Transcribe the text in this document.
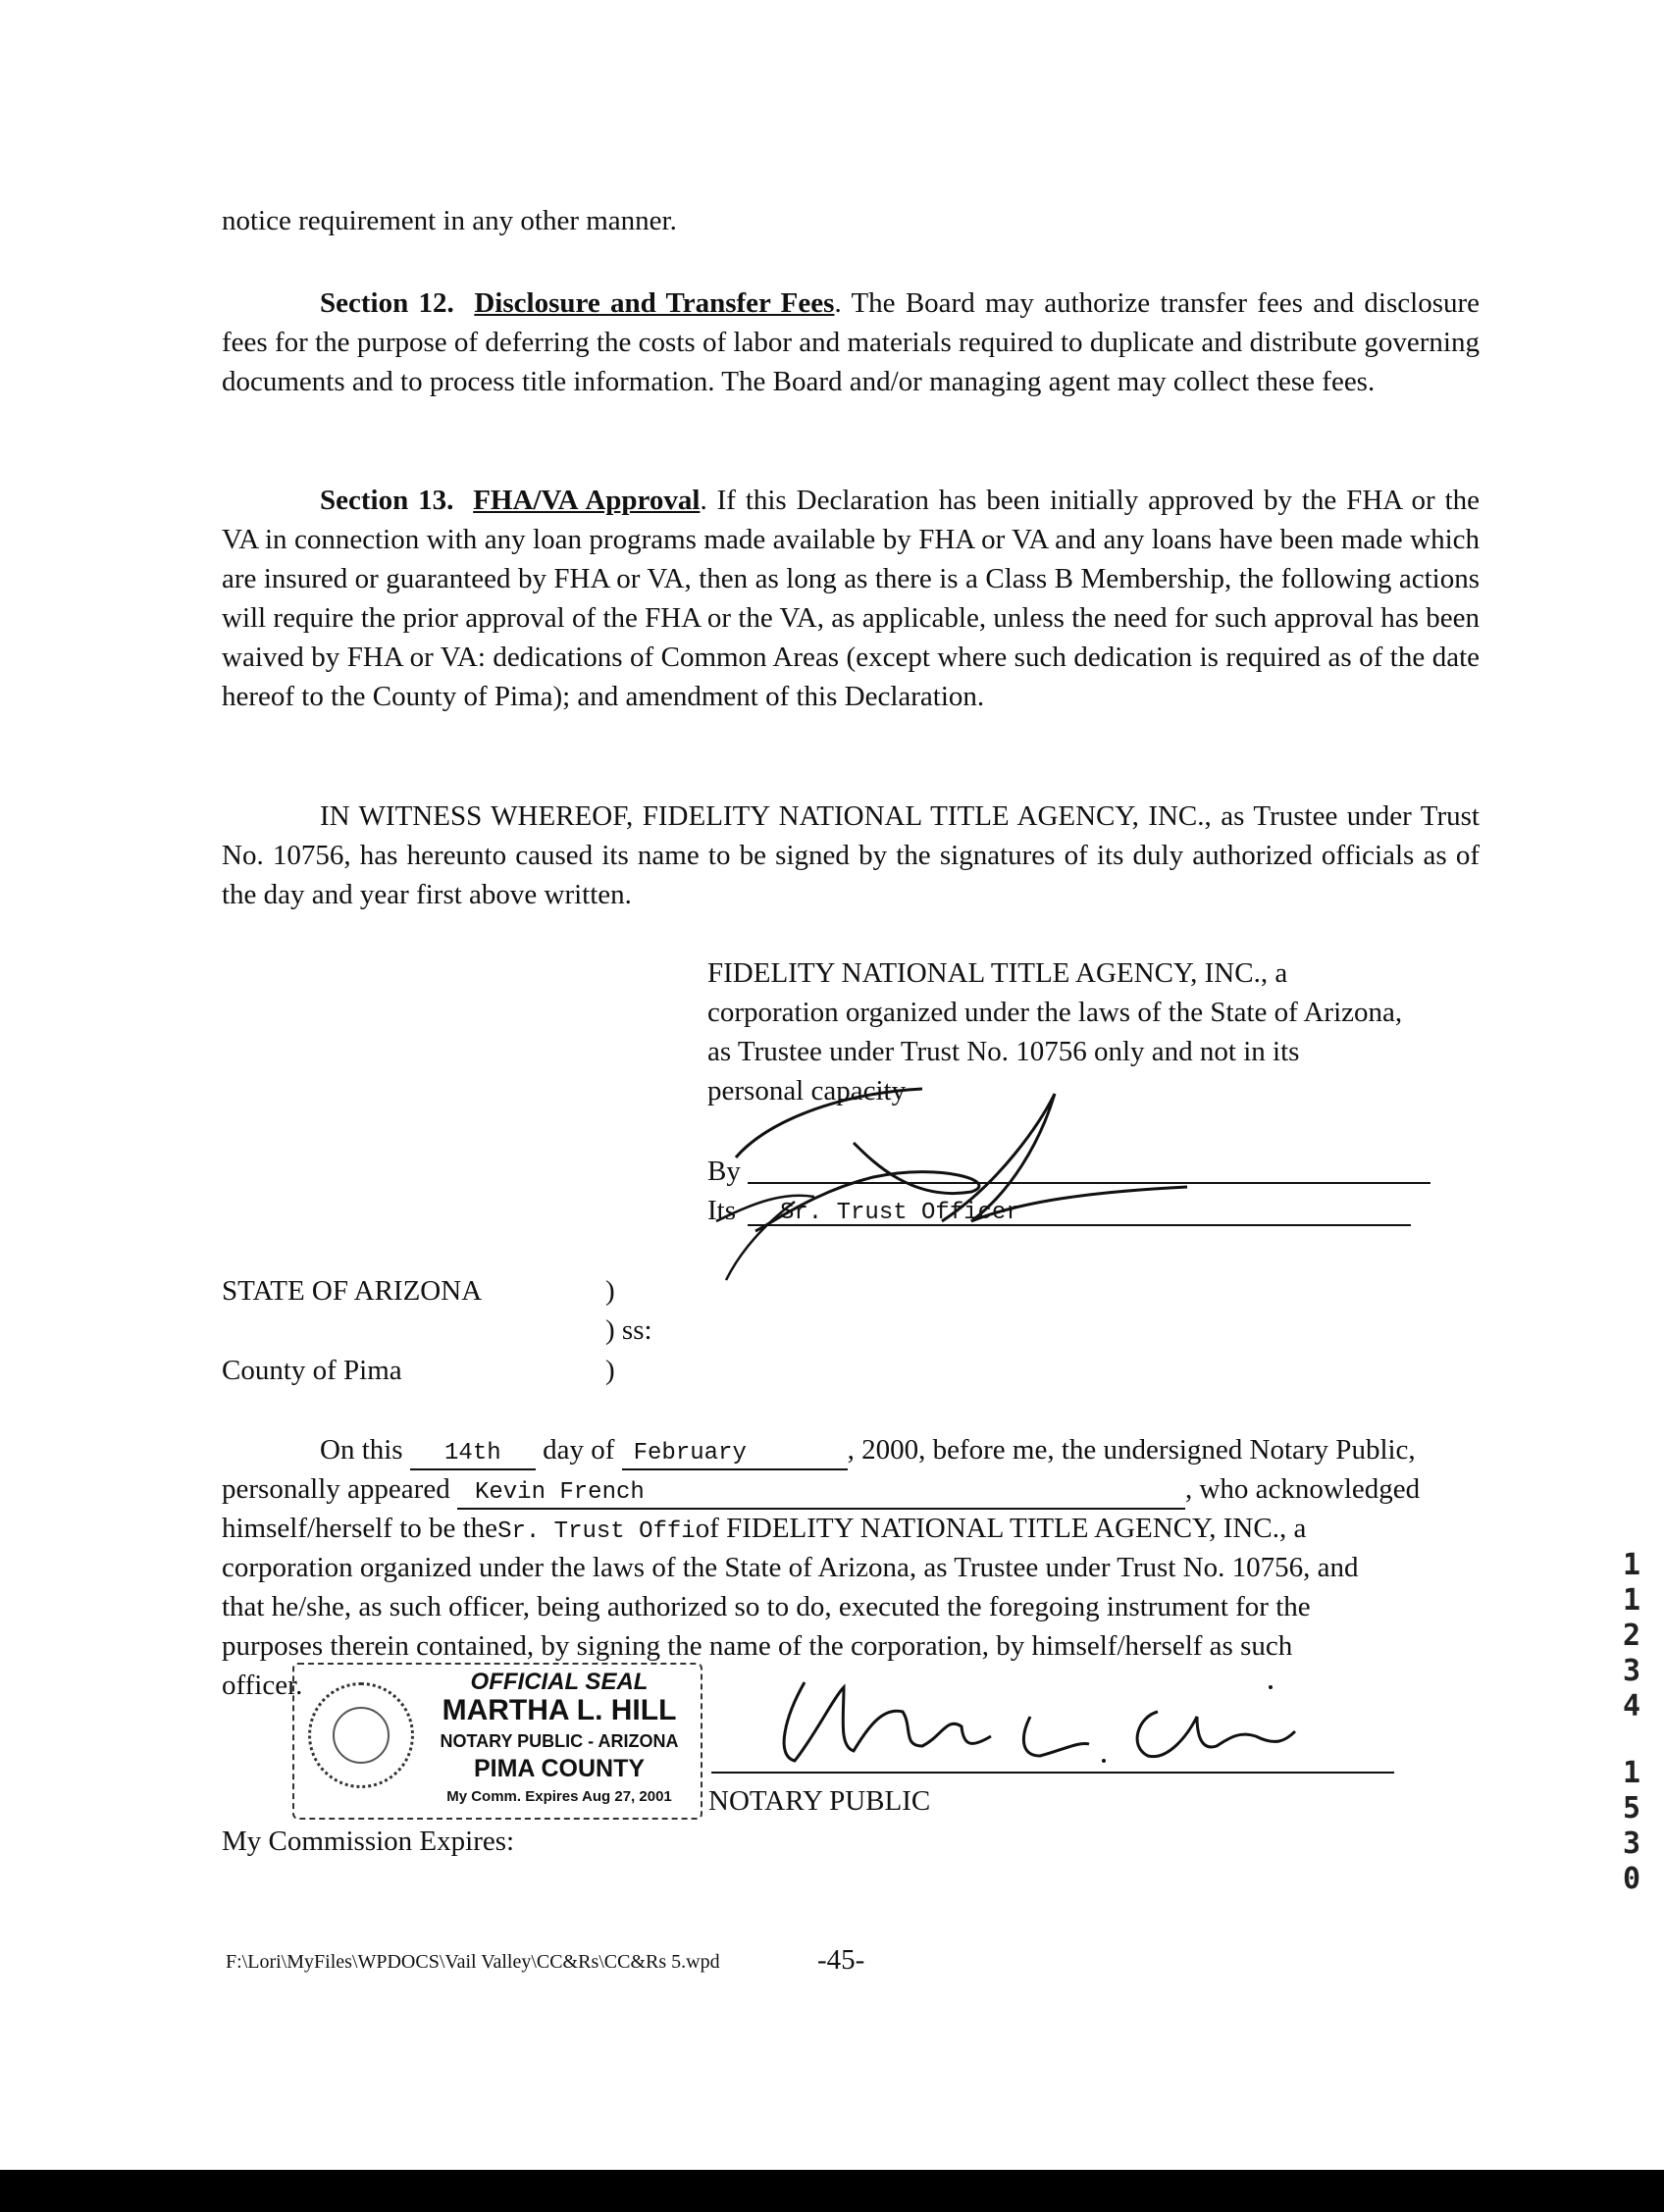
notice requirement in any other manner.

Section 12. Disclosure and Transfer Fees. The Board may authorize transfer fees and disclosure fees for the purpose of deferring the costs of labor and materials required to duplicate and distribute governing documents and to process title information. The Board and/or managing agent may collect these fees.

Section 13. FHA/VA Approval. If this Declaration has been initially approved by the FHA or the VA in connection with any loan programs made available by FHA or VA and any loans have been made which are insured or guaranteed by FHA or VA, then as long as there is a Class B Membership, the following actions will require the prior approval of the FHA or the VA, as applicable, unless the need for such approval has been waived by FHA or VA: dedications of Common Areas (except where such dedication is required as of the date hereof to the County of Pima); and amendment of this Declaration.

IN WITNESS WHEREOF, FIDELITY NATIONAL TITLE AGENCY, INC., as Trustee under Trust No. 10756, has hereunto caused its name to be signed by the signatures of its duly authorized officials as of the day and year first above written.

FIDELITY NATIONAL TITLE AGENCY, INC., a
corporation organized under the laws of the State of Arizona,
as Trustee under Trust No. 10756 only and not in its
personal capacity
By
Its Sr. Trust Officer
STATE OF ARIZONA	)
) ss:
County of Pima	)
On this 14th day of February	, 2000, before me, the undersigned Notary Public,
personally appeared Kevin French	, who acknowledged
himself/herself to be theSr. Trust Offiof FIDELITY NATIONAL TITLE AGENCY, INC., a
corporation organized under the laws of the State of Arizona, as Trustee under Trust No. 10756, and
that he/she, as such officer, being authorized so to do, executed the foregoing instrument for the
purposes therein contained, by signing the name of the corporation, by himself/herself as such
officer.	OFFICIAL SEAL
MARTHA L. HILL
NOTARY PUBLIC - ARIZONA
PIMA COUNTY
My Comm. Expires Aug 27, 2001	NOTARY PUBLIC
My Commission Expires:
F:\Lori\MyFiles\WPDOCS\Vail Valley\CC&Rs\CC&Rs 5.wpd	-45-
1
1
2
3
4
1
5
3
0
